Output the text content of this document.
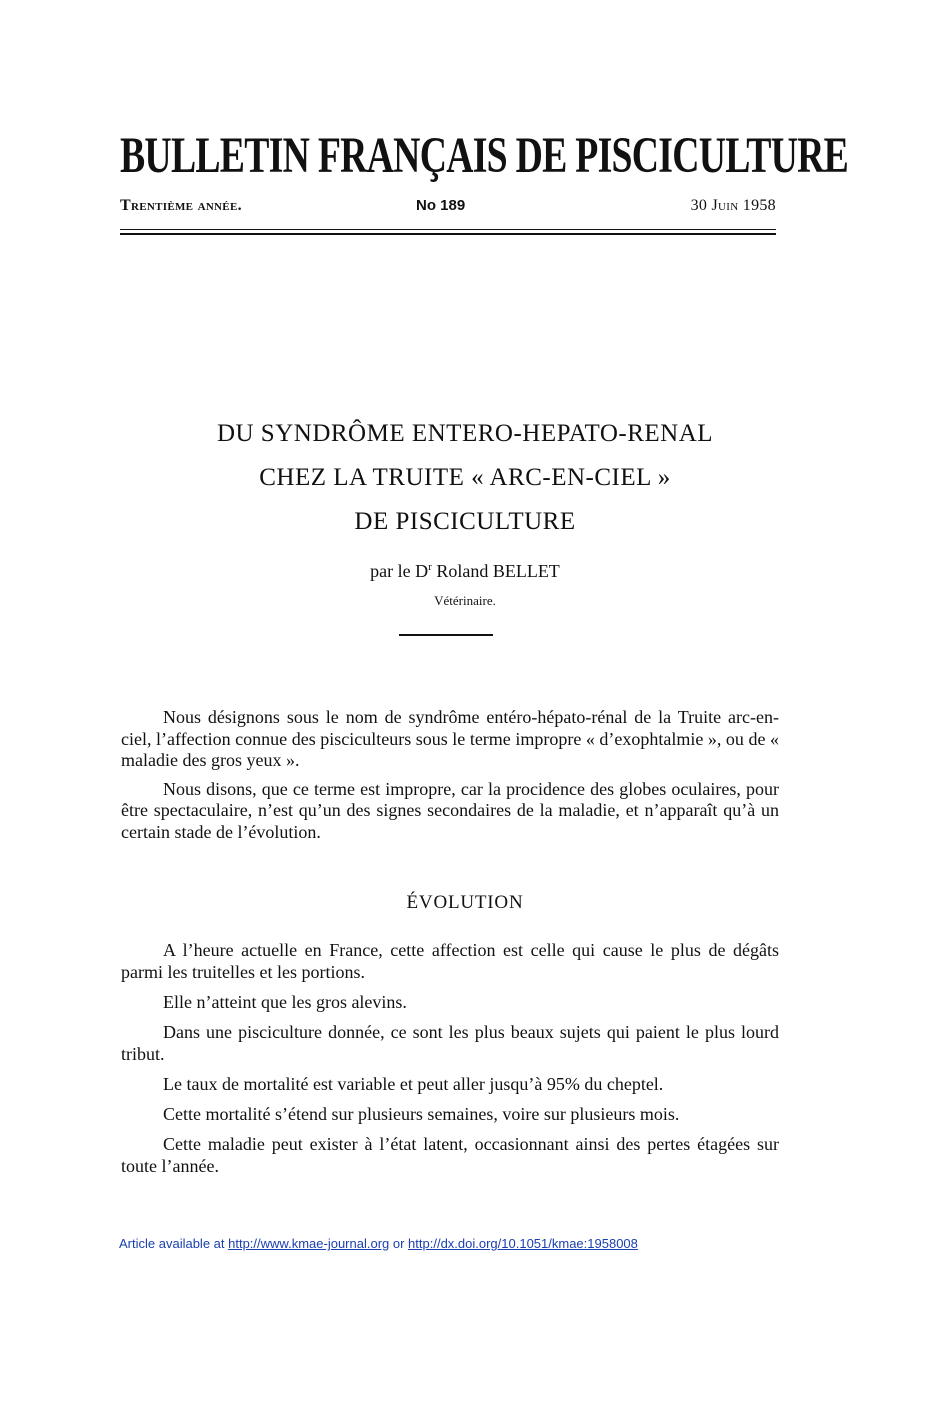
BULLETIN FRANÇAIS DE PISCICULTURE
Trentième année.	No 189	30 Juin 1958
DU SYNDRÔME ENTERO-HEPATO-RENAL
CHEZ LA TRUITE « ARC-EN-CIEL »
DE PISCICULTURE
par le $D^r$ Roland BELLET
Vétérinaire.

Nous désignons sous le nom de syndrôme entéro-hépato-rénal de la Truite arc-en-ciel, l’affection connue des pisciculteurs sous le terme impropre « d’exophtalmie », ou de « maladie des gros yeux ».

Nous disons, que ce terme est impropre, car la procidence des globes oculaires, pour être spectaculaire, n’est qu’un des signes secondaires de la maladie, et n’apparaît qu’à un certain stade de l’évolution.

ÉVOLUTION

A l’heure actuelle en France, cette affection est celle qui cause le plus de dégâts parmi les truitelles et les portions.

Elle n’atteint que les gros alevins.

Dans une pisciculture donnée, ce sont les plus beaux sujets qui paient le plus lourd tribut.

Le taux de mortalité est variable et peut aller jusqu’à 95% du cheptel.

Cette mortalité s’étend sur plusieurs semaines, voire sur plusieurs mois.

Cette maladie peut exister à l’état latent, occasionnant ainsi des pertes étagées sur toute l’année.

Article available at http://www.kmae-journal.org or http://dx.doi.org/10.1051/kmae:1958008
